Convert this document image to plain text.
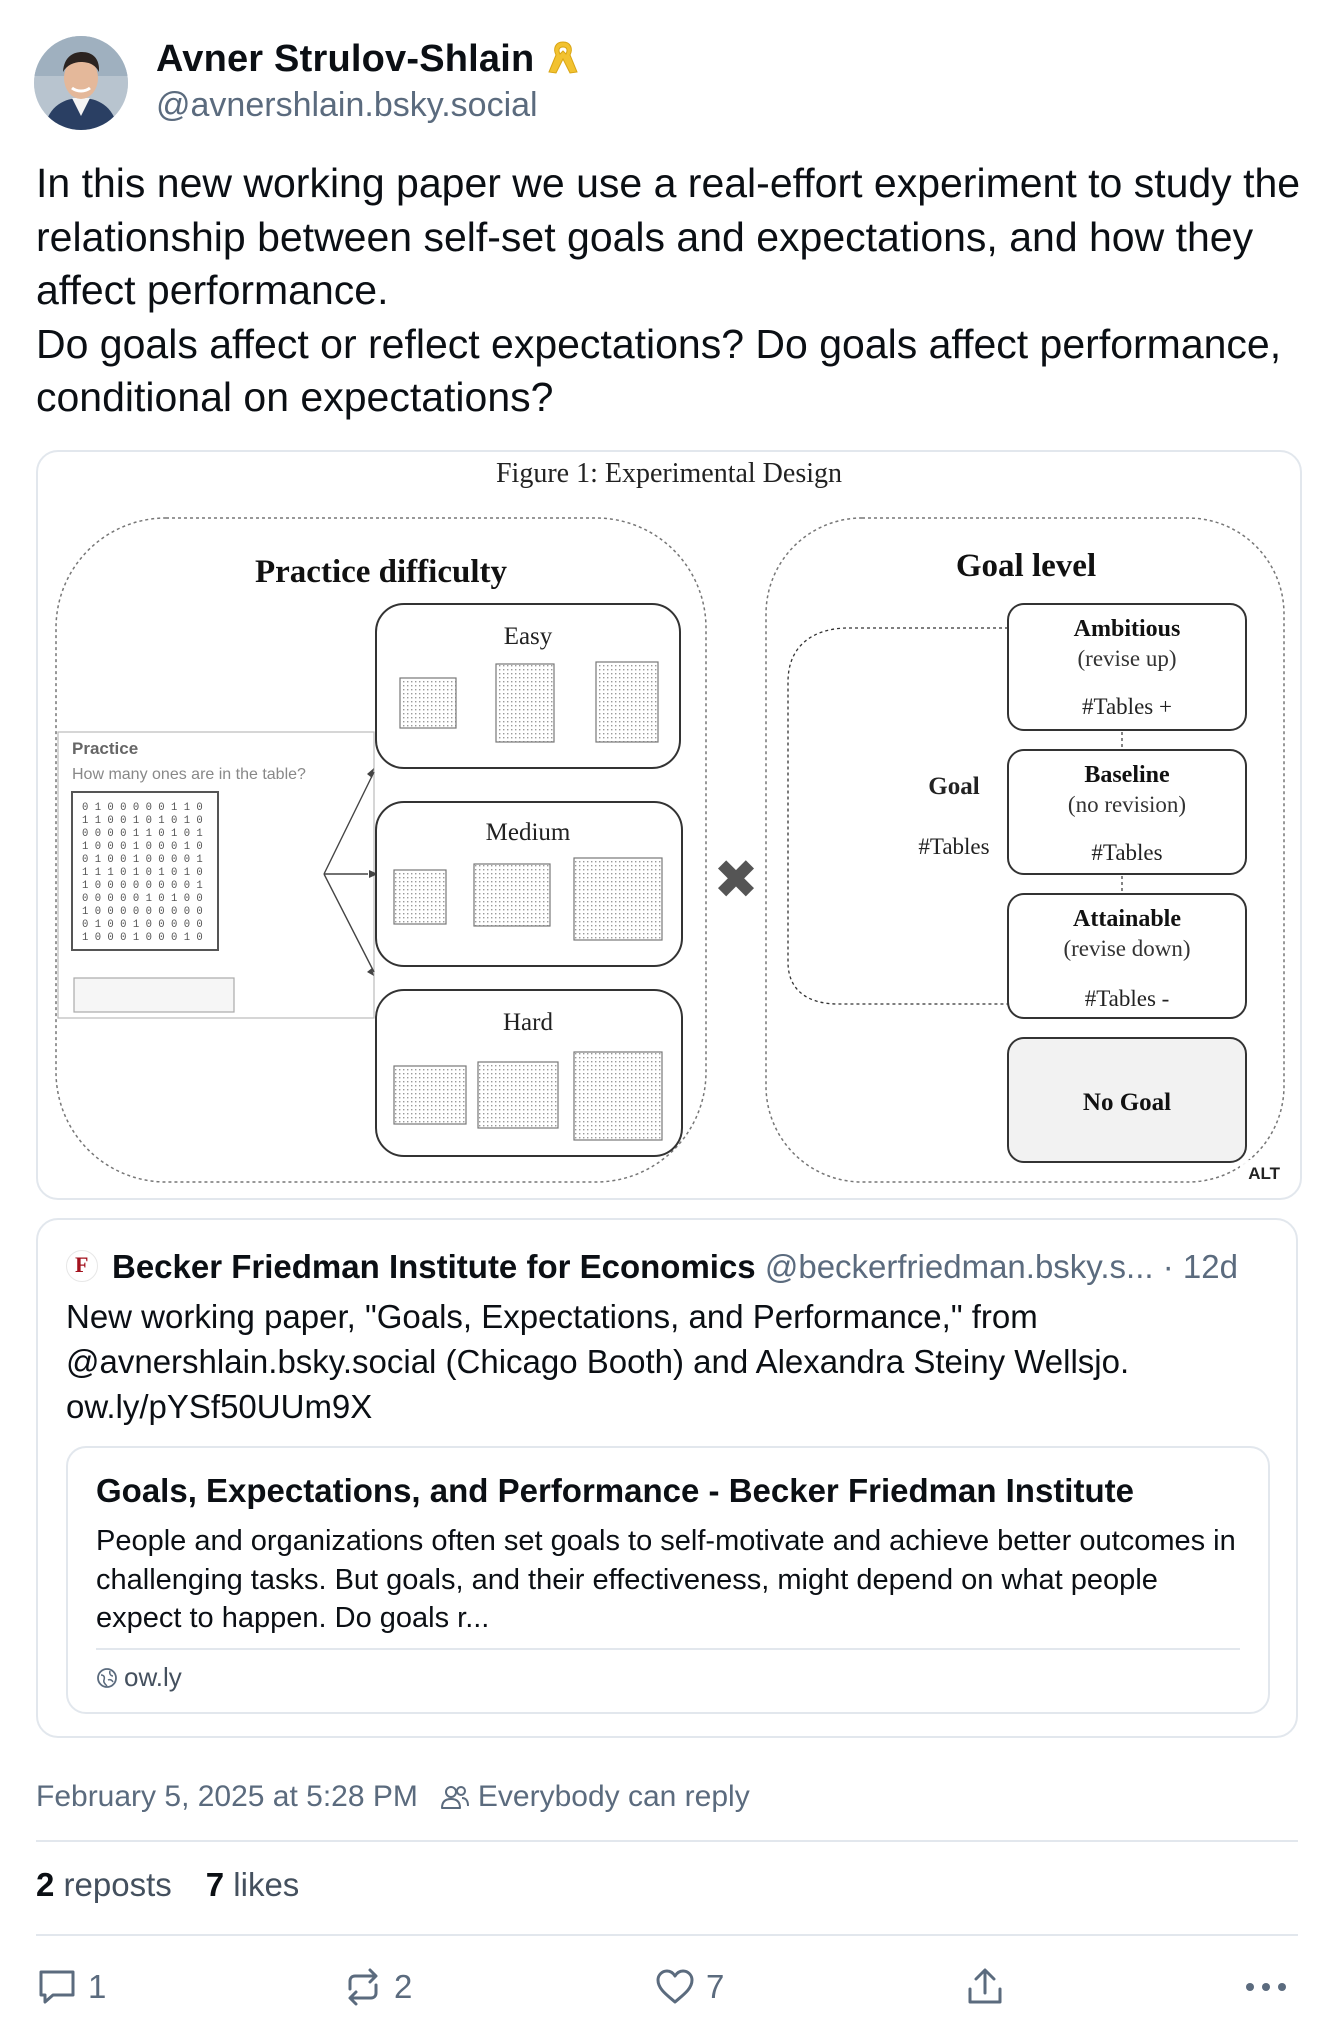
Avner Strulov-Shlain
@avnershlain.bsky.social
In this new working paper we use a real-effort experiment to study the relationship between self-set goals and expectations, and how they affect performance.
Do goals affect or reflect expectations? Do goals affect performance, conditional on expectations?
Figure 1: Experimental Design
Practice difficulty
Practice
How many ones are in the table?
0 1 0 0 0 0 0 1 1 0
1 1 0 0 1 0 1 0 1 0
0 0 0 0 1 1 0 1 0 1
1 0 0 0 1 0 0 0 1 0
0 1 0 0 1 0 0 0 0 1
1 1 1 0 1 0 1 0 1 0
1 0 0 0 0 0 0 0 0 1
0 0 0 0 0 1 0 1 0 0
1 0 0 0 0 0 0 0 0 0
0 1 0 0 1 0 0 0 0 0
1 0 0 0 1 0 0 0 1 0
Easy
Medium
Hard
✖
Goal level
Goal
#Tables
Ambitious
(revise up)
#Tables +
Baseline
(no revision)
#Tables
Attainable
(revise down)
#Tables -
No Goal
ALT
F Becker Friedman Institute for Economics @beckerfriedman.bsky.s... · 12d
New working paper, "Goals, Expectations, and Performance," from @avnershlain.bsky.social (Chicago Booth) and Alexandra Steiny Wellsjo. ow.ly/pYSf50UUm9X
Goals, Expectations, and Performance - Becker Friedman Institute
People and organizations often set goals to self-motivate and achieve better outcomes in challenging tasks. But goals, and their effectiveness, might depend on what people expect to happen. Do goals r...
ow.ly
February 5, 2025 at 5:28 PM Everybody can reply
2 reposts 7 likes
1	2	7
